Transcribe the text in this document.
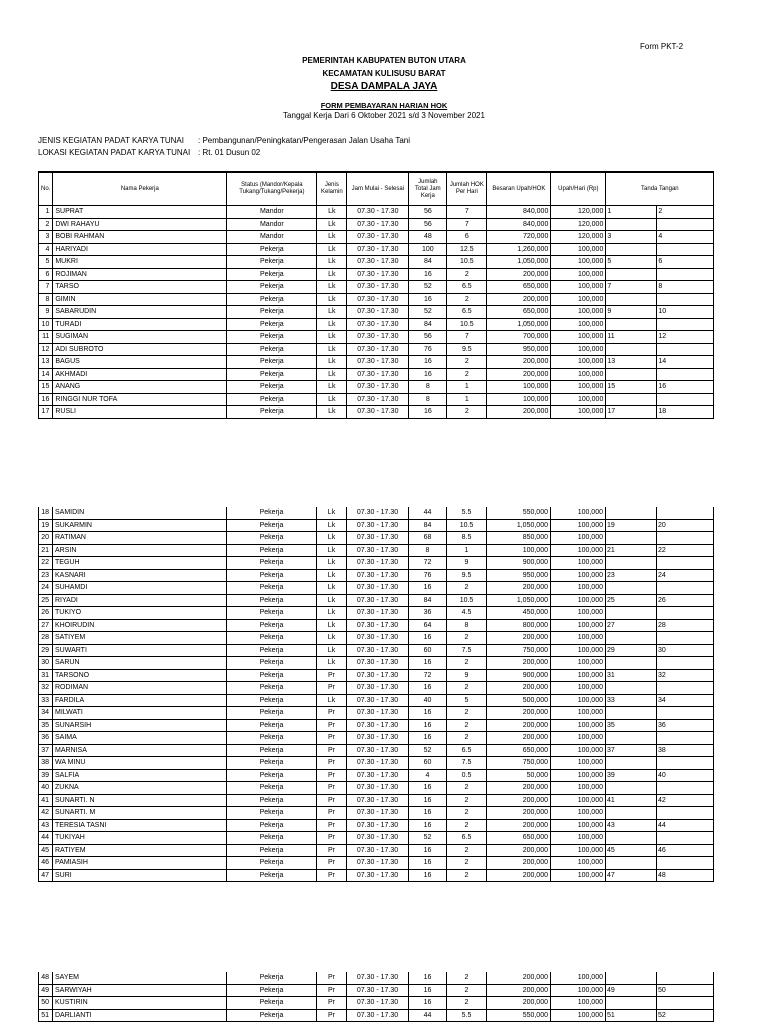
Form PKT-2
PEMERINTAH KABUPATEN BUTON UTARA
KECAMATAN KULISUSU BARAT
DESA DAMPALA JAYA
FORM PEMBAYARAN HARIAN HOK
Tanggal Kerja Dari 6 Oktober 2021 s/d 3 November 2021
JENIS KEGIATAN PADAT KARYA TUNAI : Pembangunan/Peningkatan/Pengerasan Jalan Usaha Tani
LOKASI KEGIATAN PADAT KARYA TUNAI : Rt. 01 Dusun 02
No.	Nama Pekerja	Status (Mandor/Kepala Tukang/Tukang/Pekerja)	Jenis Kelamin	Jam Mulai - Selesai	Jumlah Total Jam Kerja	Jumlah HOK Per Hari	Besaran Upah/HOK	Upah/Hari (Rp)	Tanda Tangan
1	SUPRAT	Mandor	Lk	07.30 - 17.30	56	7	840,000	120,000	1 2

2	DWI RAHAYU	Mandor	Lk	07.30 - 17.30	56	7	840,000	120,000	

3	BOBI RAHMAN	Mandor	Lk	07.30 - 17.30	48	6	720,000	120,000	3 4

4	HARIYADI	Pekerja	Lk	07.30 - 17.30	100	12.5	1,260,000	100,000	

5	MUKRI	Pekerja	Lk	07.30 - 17.30	84	10.5	1,050,000	100,000	5 6

6	ROJIMAN	Pekerja	Lk	07.30 - 17.30	16	2	200,000	100,000	

7	TARSO	Pekerja	Lk	07.30 - 17.30	52	6.5	650,000	100,000	7 8

8	GIMIN	Pekerja	Lk	07.30 - 17.30	16	2	200,000	100,000	

9	SABARUDIN	Pekerja	Lk	07.30 - 17.30	52	6.5	650,000	100,000	9 10

10	TURADI	Pekerja	Lk	07.30 - 17.30	84	10.5	1,050,000	100,000	

11	SUGIMAN	Pekerja	Lk	07.30 - 17.30	56	7	700,000	100,000	11 12

12	ADI SUBROTO	Pekerja	Lk	07.30 - 17.30	76	9.5	950,000	100,000	

13	BAGUS	Pekerja	Lk	07.30 - 17.30	16	2	200,000	100,000	13 14

14	AKHMADI	Pekerja	Lk	07.30 - 17.30	16	2	200,000	100,000	

15	ANANG	Pekerja	Lk	07.30 - 17.30	8	1	100,000	100,000	15 16

16	RINGGI NUR TOFA	Pekerja	Lk	07.30 - 17.30	8	1	100,000	100,000	

17	RUSLI	Pekerja	Lk	07.30 - 17.30	16	2	200,000	100,000	17 18
18	SAMIDIN	Pekerja	Lk	07.30 - 17.30	44	5.5	550,000	100,000	

19	SUKARMIN	Pekerja	Lk	07.30 - 17.30	84	10.5	1,050,000	100,000	19 20

20	RATIMAN	Pekerja	Lk	07.30 - 17.30	68	8.5	850,000	100,000	

21	ARSIN	Pekerja	Lk	07.30 - 17.30	8	1	100,000	100,000	21 22

22	TEGUH	Pekerja	Lk	07.30 - 17.30	72	9	900,000	100,000	

23	KASNARI	Pekerja	Lk	07.30 - 17.30	76	9.5	950,000	100,000	23 24

24	SUHAMDI	Pekerja	Lk	07.30 - 17.30	16	2	200,000	100,000	

25	RIYADI	Pekerja	Lk	07.30 - 17.30	84	10.5	1,050,000	100,000	25 26

26	TUKIYO	Pekerja	Lk	07.30 - 17.30	36	4.5	450,000	100,000	

27	KHOIRUDIN	Pekerja	Lk	07.30 - 17.30	64	8	800,000	100,000	27 28

28	SATIYEM	Pekerja	Lk	07.30 - 17.30	16	2	200,000	100,000	

29	SUWARTI	Pekerja	Lk	07.30 - 17.30	60	7.5	750,000	100,000	29 30

30	SARUN	Pekerja	Lk	07.30 - 17.30	16	2	200,000	100,000	

31	TARSONO	Pekerja	Pr	07.30 - 17.30	72	9	900,000	100,000	31 32

32	RODIMAN	Pekerja	Pr	07.30 - 17.30	16	2	200,000	100,000	

33	FARDILA	Pekerja	Lk	07.30 - 17.30	40	5	500,000	100,000	33 34

34	MILWATI	Pekerja	Pr	07.30 - 17.30	16	2	200,000	100,000	

35	SUNARSIH	Pekerja	Pr	07.30 - 17.30	16	2	200,000	100,000	35 36

36	SAIMA	Pekerja	Pr	07.30 - 17.30	16	2	200,000	100,000	

37	MARNISA	Pekerja	Pr	07.30 - 17.30	52	6.5	650,000	100,000	37 38

38	WA MINU	Pekerja	Pr	07.30 - 17.30	60	7.5	750,000	100,000	

39	SALFIA	Pekerja	Pr	07.30 - 17.30	4	0.5	50,000	100,000	39 40

40	ZUKNA	Pekerja	Pr	07.30 - 17.30	16	2	200,000	100,000	

41	SUNARTI. N	Pekerja	Pr	07.30 - 17.30	16	2	200,000	100,000	41 42

42	SUNARTI. M	Pekerja	Pr	07.30 - 17.30	16	2	200,000	100,000	

43	TERESIA TASNI	Pekerja	Pr	07.30 - 17.30	16	2	200,000	100,000	43 44

44	TUKIYAH	Pekerja	Pr	07.30 - 17.30	52	6.5	650,000	100,000	

45	RATIYEM	Pekerja	Pr	07.30 - 17.30	16	2	200,000	100,000	45 46

46	PAMIASIH	Pekerja	Pr	07.30 - 17.30	16	2	200,000	100,000	

47	SURI	Pekerja	Pr	07.30 - 17.30	16	2	200,000	100,000	47 48
48	SAYEM	Pekerja	Pr	07.30 - 17.30	16	2	200,000	100,000	

49	SARWIYAH	Pekerja	Pr	07.30 - 17.30	16	2	200,000	100,000	49 50

50	KUSTIRIN	Pekerja	Pr	07.30 - 17.30	16	2	200,000	100,000	

51	DARLIANTI	Pekerja	Pr	07.30 - 17.30	44	5.5	550,000	100,000	51 52
